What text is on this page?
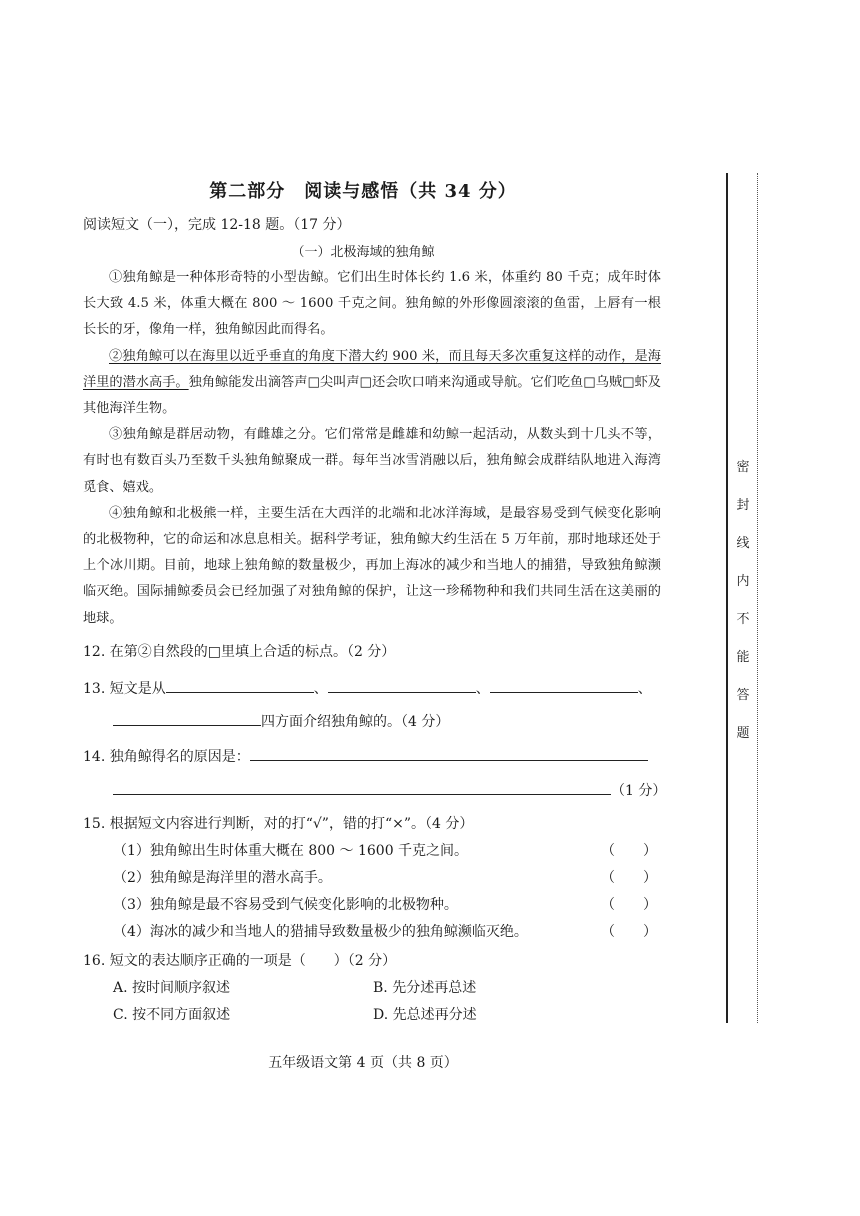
第二部分　阅读与感悟（共 34 分）
阅读短文（一），完成 12-18 题。（17 分）
（一）北极海域的独角鲸

①独角鲸是一种体形奇特的小型齿鲸。它们出生时体长约 1.6 米，体重约 80 千克；成年时体长大致 4.5 米，体重大概在 800 ～ 1600 千克之间。独角鲸的外形像圆滚滚的鱼雷，上唇有一根长长的牙，像角一样，独角鲸因此而得名。

②独角鲸可以在海里以近乎垂直的角度下潜大约 900 米，而且每天多次重复这样的动作，是海洋里的潜水高手。独角鲸能发出滴答声□尖叫声□还会吹口哨来沟通或导航。它们吃鱼□乌贼□虾及其他海洋生物。

③独角鲸是群居动物，有雌雄之分。它们常常是雌雄和幼鲸一起活动，从数头到十几头不等，有时也有数百头乃至数千头独角鲸聚成一群。每年当冰雪消融以后，独角鲸会成群结队地进入海湾觅食、嬉戏。

④独角鲸和北极熊一样，主要生活在大西洋的北端和北冰洋海域，是最容易受到气候变化影响的北极物种，它的命运和冰息息相关。据科学考证，独角鲸大约生活在 5 万年前，那时地球还处于上个冰川期。目前，地球上独角鲸的数量极少，再加上海冰的减少和当地人的捕猎，导致独角鲸濒临灭绝。国际捕鲸委员会已经加强了对独角鲸的保护，让这一珍稀物种和我们共同生活在这美丽的地球。

12. 在第②自然段的□里填上合适的标点。（2 分）
13. 短文是从	、	、	、
四方面介绍独角鲸的。（4 分）
14. 独角鲸得名的原因是：
（1 分）
15. 根据短文内容进行判断，对的打“√”，错的打“×”。（4 分）
（1）独角鲸出生时体重大概在 800 ～ 1600 千克之间。	（　　）
（2）独角鲸是海洋里的潜水高手。	（　　）
（3）独角鲸是最不容易受到气候变化影响的北极物种。	（　　）
（4）海冰的减少和当地人的猎捕导致数量极少的独角鲸濒临灭绝。	（　　）
16. 短文的表达顺序正确的一项是（　　）（2 分）
A. 按时间顺序叙述	B. 先分述再总述
C. 按不同方面叙述	D. 先总述再分述
密
封
线
内
不
能
答
题
五年级语文第 4 页（共 8 页）
